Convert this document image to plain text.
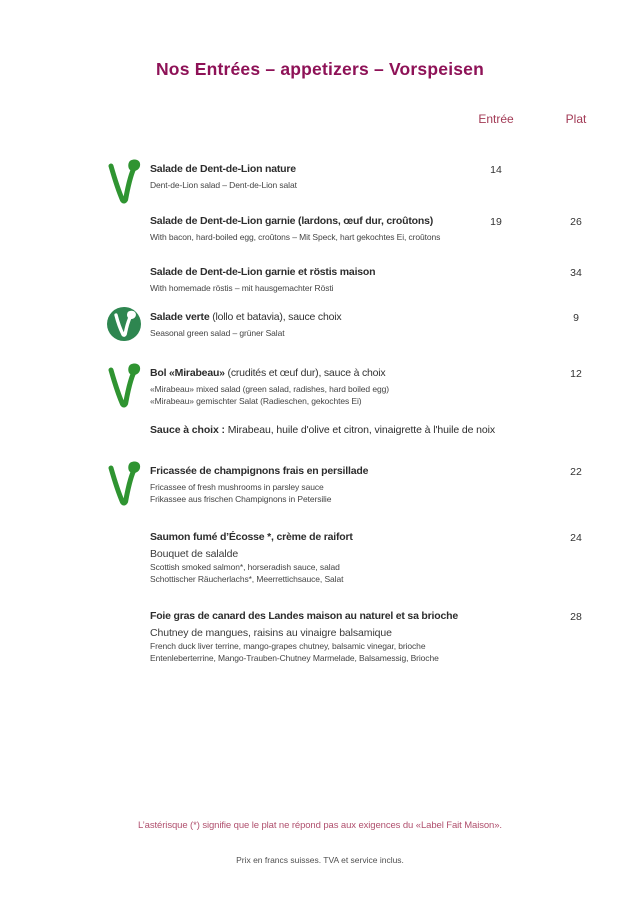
Nos Entrées – appetizers – Vorspeisen
Entrée	Plat
Salade de Dent-de-Lion nature
Dent-de-Lion salad – Dent-de-Lion salat
14
Salade de Dent-de-Lion garnie (lardons, œuf dur, croûtons)
With bacon, hard-boiled egg, croûtons – Mit Speck, hart gekochtes Ei, croûtons
19	26
Salade de Dent-de-Lion garnie et röstis maison
With homemade röstis – mit hausgemachter Rösti
34
Salade verte (lollo et batavia), sauce choix
Seasonal green salad – grüner Salat
9
Bol «Mirabeau» (crudités et œuf dur), sauce à choix
«Mirabeau» mixed salad (green salad, radishes, hard boiled egg)
«Mirabeau» gemischter Salat (Radieschen, gekochtes Ei)
12
Sauce à choix : Mirabeau, huile d'olive et citron, vinaigrette à l'huile de noix
Fricassée de champignons frais en persillade
Fricassee of fresh mushrooms in parsley sauce
Frikassee aus frischen Champignons in Petersilie
22
Saumon fumé d’Écosse *, crème de raifort
Bouquet de salalde
Scottish smoked salmon*, horseradish sauce, salad
Schottischer Räucherlachs*, Meerrettichsauce, Salat
24
Foie gras de canard des Landes maison au naturel et sa brioche
Chutney de mangues, raisins au vinaigre balsamique
French duck liver terrine, mango-grapes chutney, balsamic vinegar, brioche
Entenleberterrine, Mango-Trauben-Chutney Marmelade, Balsamessig, Brioche
28
L’astérisque (*) signifie que le plat ne répond pas aux exigences du «Label Fait Maison».
Prix en francs suisses. TVA et service inclus.
